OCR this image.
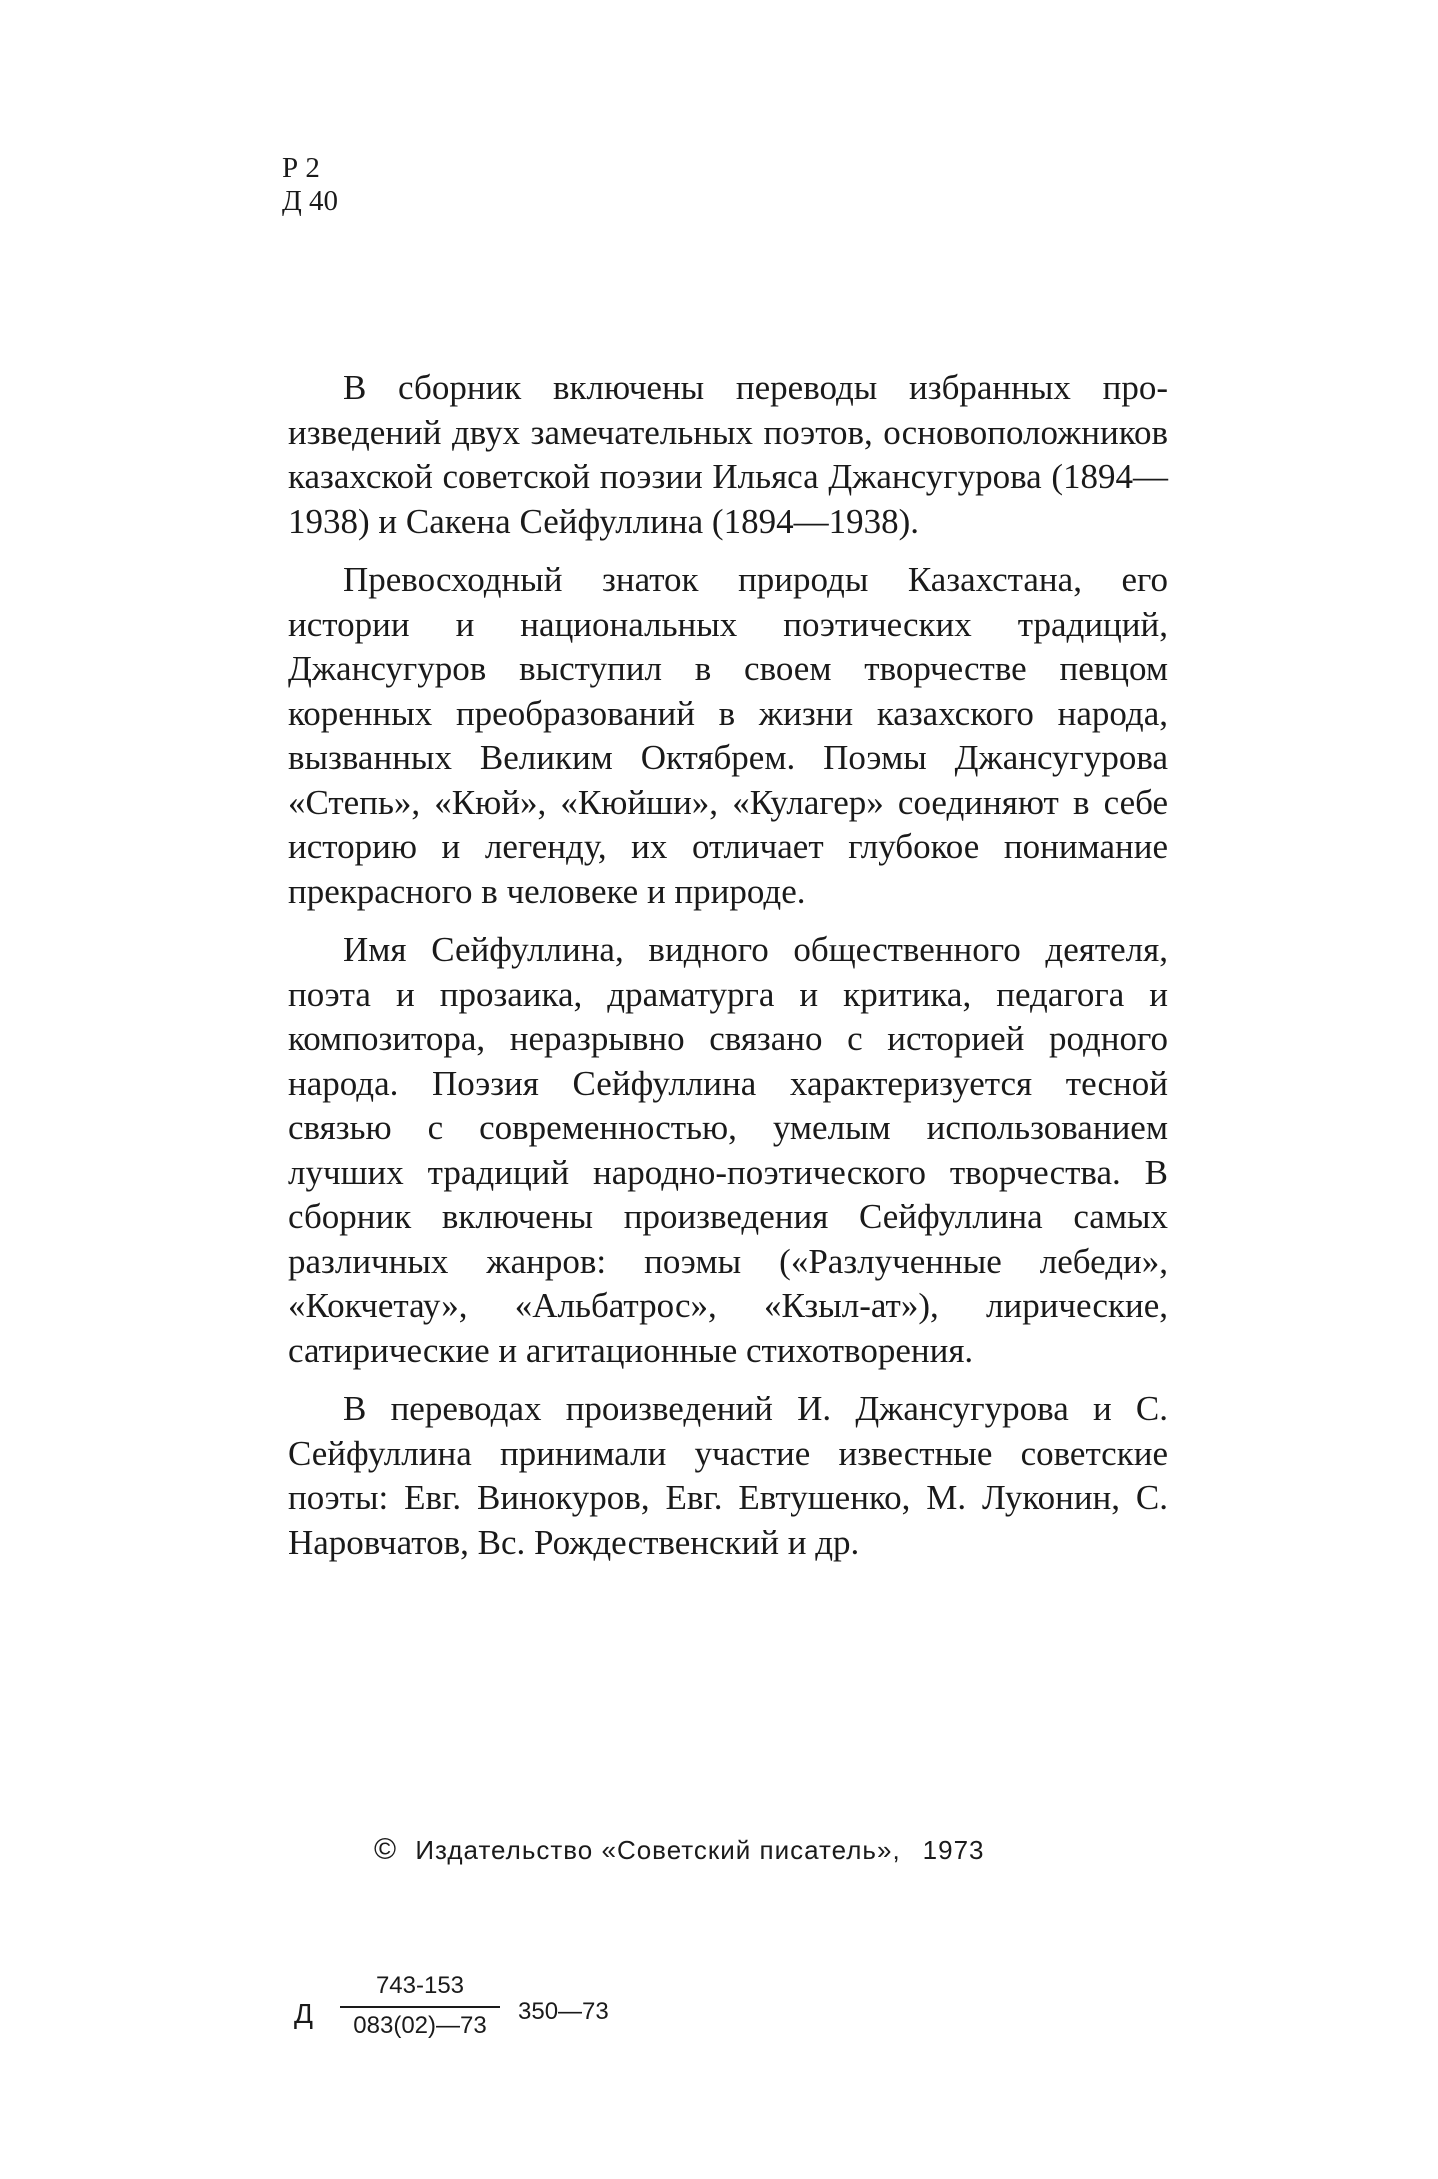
Р 2
Д 40

В сборник включены переводы избранных произведений двух замечательных поэтов, основоположников казахской советской поэзии Ильяса Джансугурова (1894—1938) и Сакена Сейфуллина (1894—1938).

Превосходный знаток природы Казахстана, его истории и национальных поэтических традиций, Джансугуров выступил в своем творчестве певцом коренных преобразований в жизни казахского народа, вызванных Великим Октябрем. Поэмы Джансугурова «Степь», «Кюй», «Кюйши», «Кулагер» соединяют в себе историю и легенду, их отличает глубокое понимание прекрасного в человеке и природе.

Имя Сейфуллина, видного общественного деятеля, поэта и прозаика, драматурга и критика, педагога и композитора, неразрывно связано с историей родного народа. Поэзия Сейфуллина характеризуется тесной связью с современностью, умелым использованием лучших традиций народно-поэтического творчества. В сборник включены произведения Сейфуллина самых различных жанров: поэмы («Разлученные лебеди», «Кокчетау», «Альбатрос», «Кзыл-ат»), лирические, сатирические и агитационные стихотворения.

В переводах произведений И. Джансугурова и С. Сейфуллина принимали участие известные советские поэты: Евг. Винокуров, Евг. Евтушенко, М. Луконин, С. Наровчатов, Вс. Рождественский и др.

© Издательство «Советский писатель», 1973
Д $\frac{743-153}{083(02)—73}$ 350—73
